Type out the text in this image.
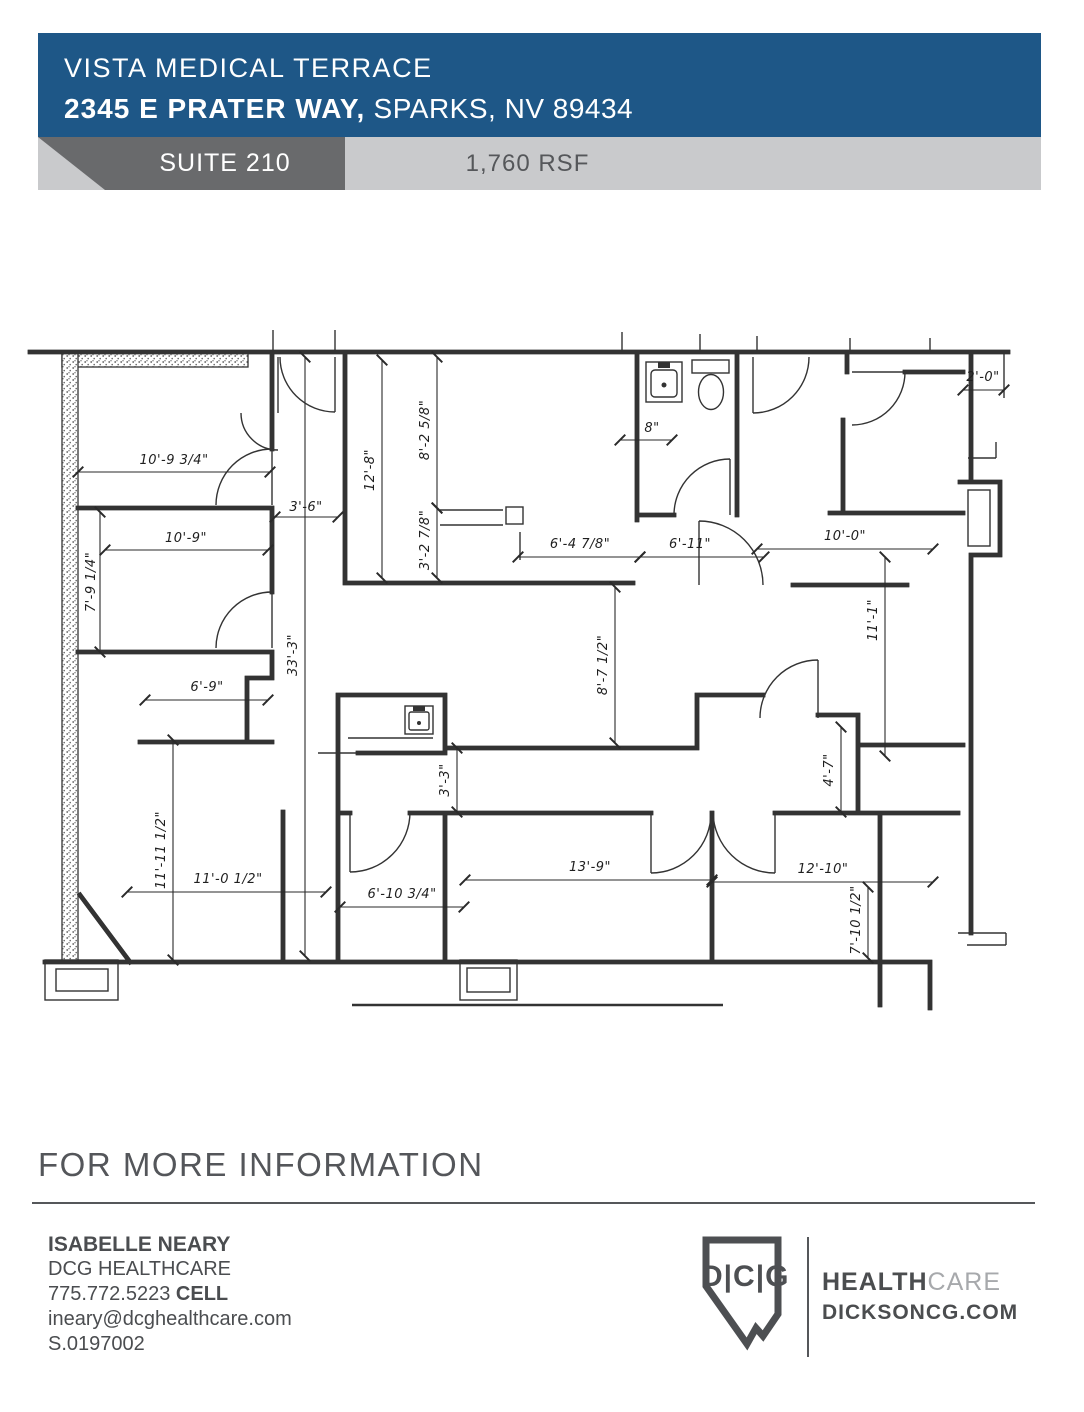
VISTA MEDICAL TERRACE
2345 E PRATER WAY, SPARKS, NV 89434
SUITE 210	1,760 RSF
10'-9 3/4"
10'-9"
7'-9 1/4"
3'-6"
33'-3"
12'-8"
8'-2 5/8"
3'-2 7/8"	6'-4 7/8"	6'-11"
8"
2'-0"
10'-0"
11'-1"
8'-7 1/2"
3'-3"	4'-7"
6'-9"
11'-11 1/2" 11'-0 1/2"
6'-10 3/4"
13'-9"	12'-10"
7'-10 1/2"
FOR MORE INFORMATION
ISABELLE NEARY
DCG HEALTHCARE
775.772.5223 CELL
ineary@dcghealthcare.com
S.0197002
D|C|G HEALTHCARE
DICKSONCG.COM
